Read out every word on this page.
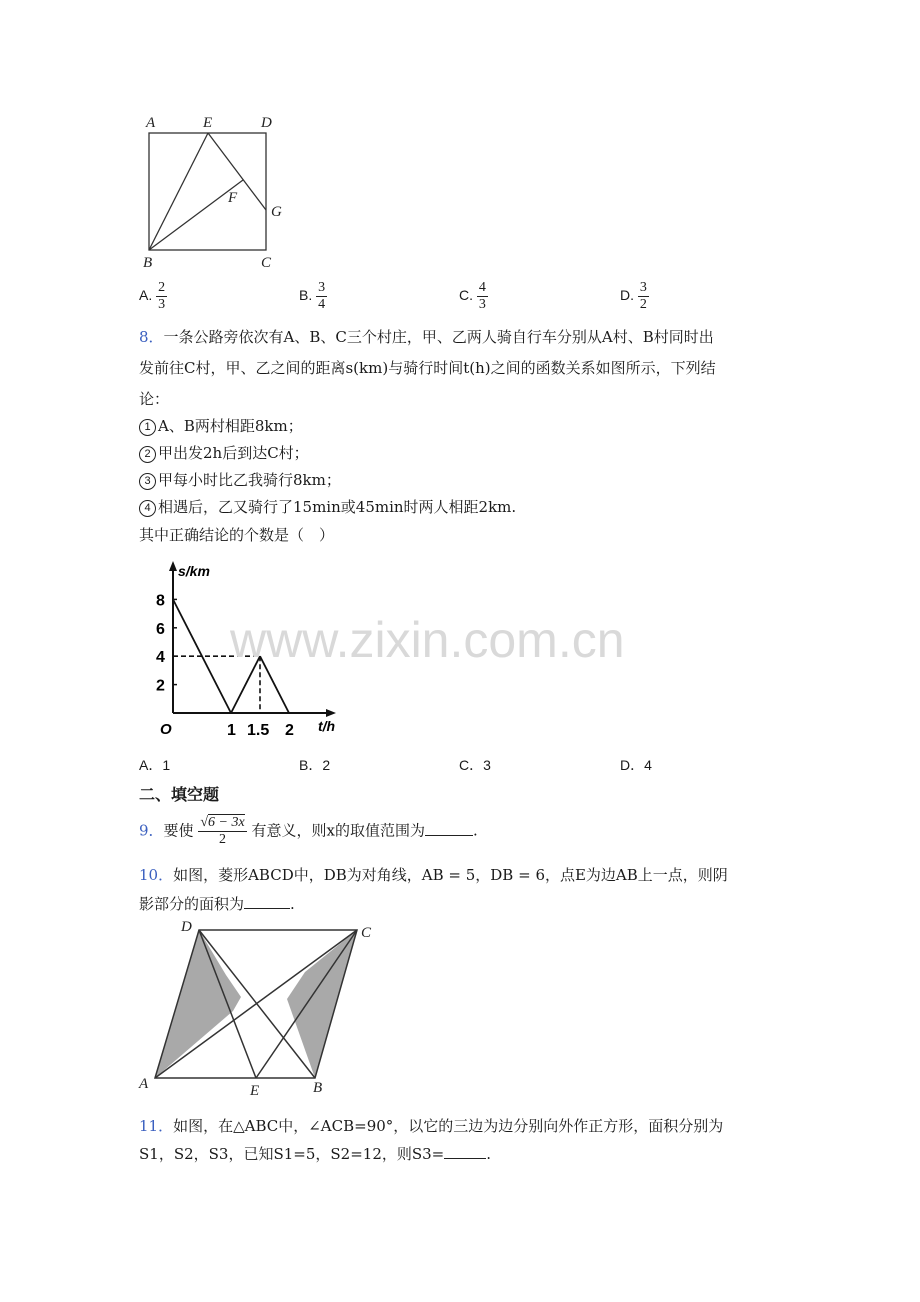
A	E	D
F
G
B	C
A. $\frac{2}{3}$	B. $\frac{3}{4}$	C. $\frac{4}{3}$	D. $\frac{3}{2}$
8．一条公路旁依次有A、B、C三个村庄，甲、乙两人骑自行车分别从A村、B村同时出
发前往C村，甲、乙之间的距离s(km)与骑行时间t(h)之间的函数关系如图所示，下列结
论：
1 A、B两村相距8km；
2 甲出发2h后到达C村；
3 甲每小时比乙我骑行8km；
4 相遇后，乙又骑行了15min或45min时两人相距2km.
其中正确结论的个数是（　）
2
4
6
8
1 1.5 2
s/km
t/h
O
A．1	B．2	C．3	D．4
www.zixin.com.cn
二、填空题
9．要使 $\frac{√6 - 3x}{2}$ 有意义，则x的取值范围为	.
10．如图，菱形ABCD中，DB为对角线，AB = 5，DB = 6，点E为边AB上一点，则阴
影部分的面积为	.
D	C
A	E	B
11．如图，在△ABC中，∠ACB=90°，以它的三边为边分别向外作正方形，面积分别为
S1，S2，S3，已知S1=5，S2=12，则S3=	.
